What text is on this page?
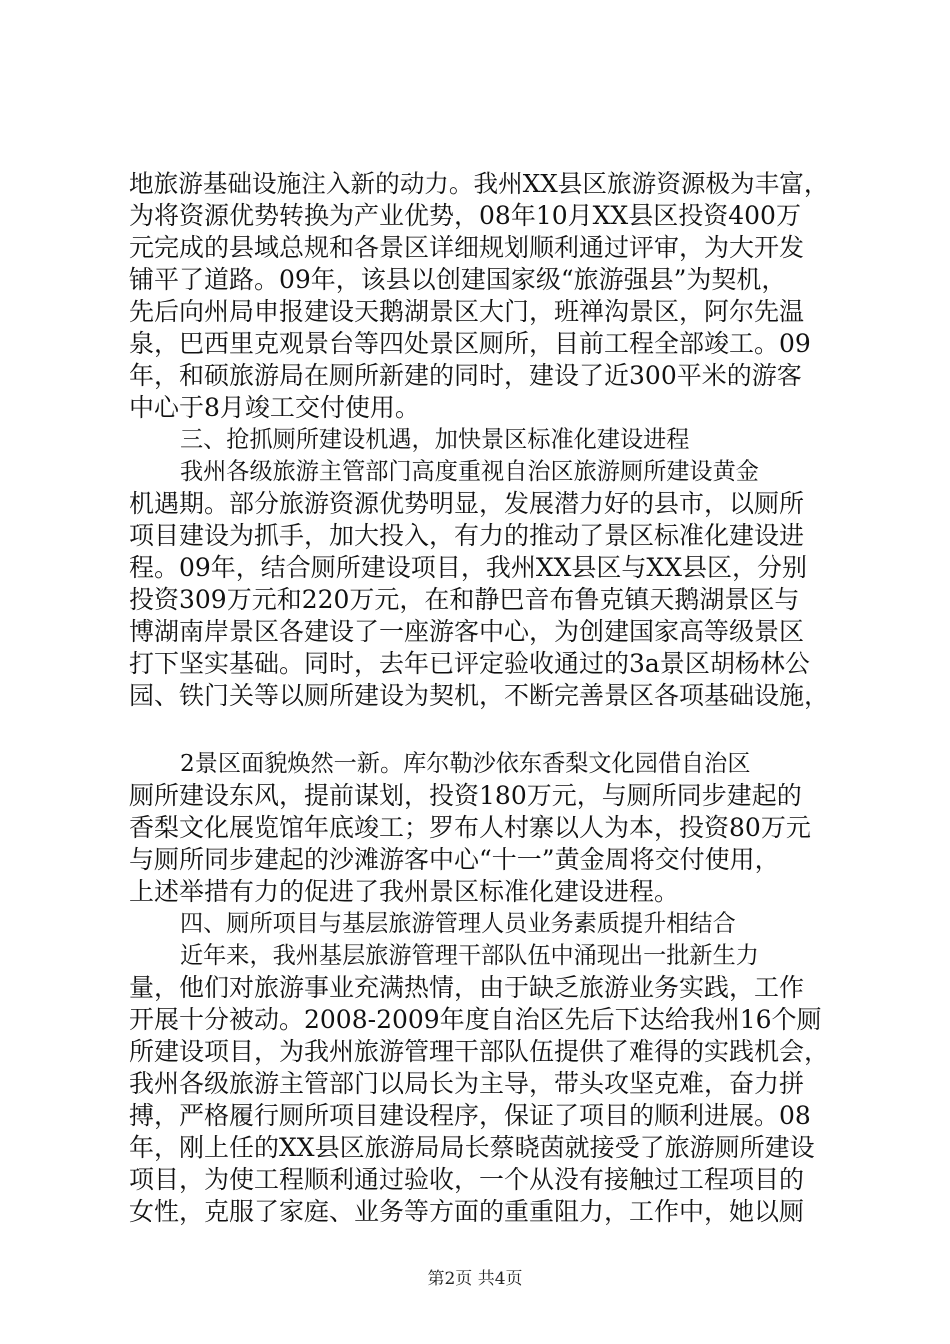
地旅游基础设施注入新的动力。我州XX县区旅游资源极为丰富，
为将资源优势转换为产业优势，08年10月XX县区投资400万
元完成的县域总规和各景区详细规划顺利通过评审，为大开发
铺平了道路。09年，该县以创建国家级“旅游强县”为契机，
先后向州局申报建设天鹅湖景区大门，班禅沟景区，阿尔先温
泉，巴西里克观景台等四处景区厕所，目前工程全部竣工。09
年，和硕旅游局在厕所新建的同时，建设了近300平米的游客
中心于8月竣工交付使用。
三、抢抓厕所建设机遇，加快景区标准化建设进程
我州各级旅游主管部门高度重视自治区旅游厕所建设黄金
机遇期。部分旅游资源优势明显，发展潜力好的县市，以厕所
项目建设为抓手，加大投入，有力的推动了景区标准化建设进
程。09年，结合厕所建设项目，我州XX县区与XX县区，分别
投资309万元和220万元，在和静巴音布鲁克镇天鹅湖景区与
博湖南岸景区各建设了一座游客中心，为创建国家高等级景区
打下坚实基础。同时，去年已评定验收通过的3a景区胡杨林公
园、铁门关等以厕所建设为契机，不断完善景区各项基础设施，
2景区面貌焕然一新。库尔勒沙依东香梨文化园借自治区
厕所建设东风，提前谋划，投资180万元，与厕所同步建起的
香梨文化展览馆年底竣工；罗布人村寨以人为本，投资80万元
与厕所同步建起的沙滩游客中心“十一”黄金周将交付使用，
上述举措有力的促进了我州景区标准化建设进程。
四、厕所项目与基层旅游管理人员业务素质提升相结合
近年来，我州基层旅游管理干部队伍中涌现出一批新生力
量，他们对旅游事业充满热情，由于缺乏旅游业务实践，工作
开展十分被动。2008-2009年度自治区先后下达给我州16个厕
所建设项目，为我州旅游管理干部队伍提供了难得的实践机会，
我州各级旅游主管部门以局长为主导，带头攻坚克难，奋力拼
搏，严格履行厕所项目建设程序，保证了项目的顺利进展。08
年，刚上任的XX县区旅游局局长蔡晓茵就接受了旅游厕所建设
项目，为使工程顺利通过验收，一个从没有接触过工程项目的
女性，克服了家庭、业务等方面的重重阻力，工作中，她以厕
第2页 共4页
